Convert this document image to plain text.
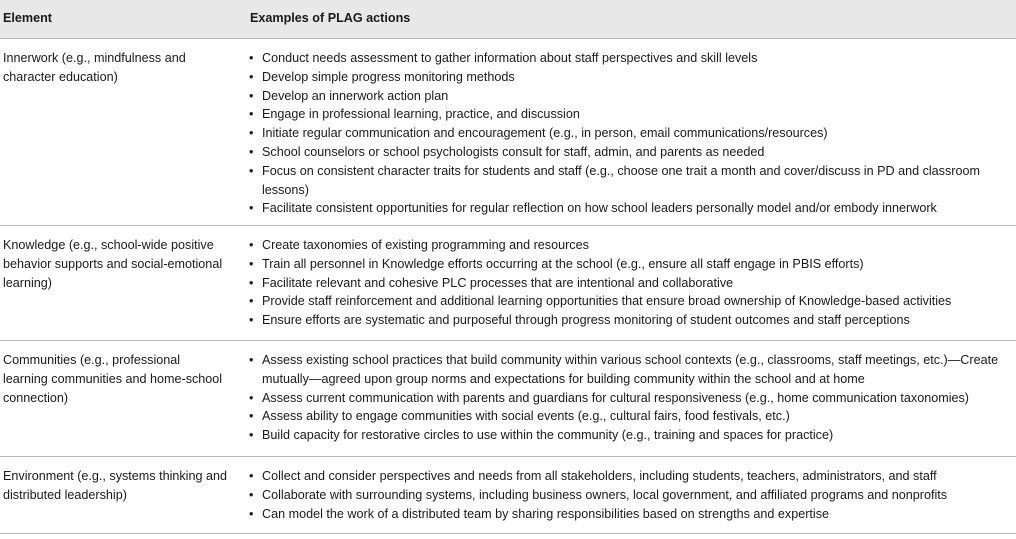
Element	Examples of PLAG actions
Innerwork (e.g., mindfulness and character education)
• Conduct needs assessment to gather information about staff perspectives and skill levels
• Develop simple progress monitoring methods
• Develop an innerwork action plan
• Engage in professional learning, practice, and discussion
• Initiate regular communication and encouragement (e.g., in person, email communications/resources)
• School counselors or school psychologists consult for staff, admin, and parents as needed
• Focus on consistent character traits for students and staff (e.g., choose one trait a month and cover/discuss in PD and classroom lessons)
• Facilitate consistent opportunities for regular reflection on how school leaders personally model and/or embody innerwork
Knowledge (e.g., school-wide positive behavior supports and social-emotional learning)
• Create taxonomies of existing programming and resources
• Train all personnel in Knowledge efforts occurring at the school (e.g., ensure all staff engage in PBIS efforts)
• Facilitate relevant and cohesive PLC processes that are intentional and collaborative
• Provide staff reinforcement and additional learning opportunities that ensure broad ownership of Knowledge-based activities
• Ensure efforts are systematic and purposeful through progress monitoring of student outcomes and staff perceptions
Communities (e.g., professional learning communities and home-school connection)
• Assess existing school practices that build community within various school contexts (e.g., classrooms, staff meetings, etc.)—Create mutually—agreed upon group norms and expectations for building community within the school and at home
• Assess current communication with parents and guardians for cultural responsiveness (e.g., home communication taxonomies)
• Assess ability to engage communities with social events (e.g., cultural fairs, food festivals, etc.)
• Build capacity for restorative circles to use within the community (e.g., training and spaces for practice)
Environment (e.g., systems thinking and distributed leadership)
• Collect and consider perspectives and needs from all stakeholders, including students, teachers, administrators, and staff
• Collaborate with surrounding systems, including business owners, local government, and affiliated programs and nonprofits
• Can model the work of a distributed team by sharing responsibilities based on strengths and expertise
